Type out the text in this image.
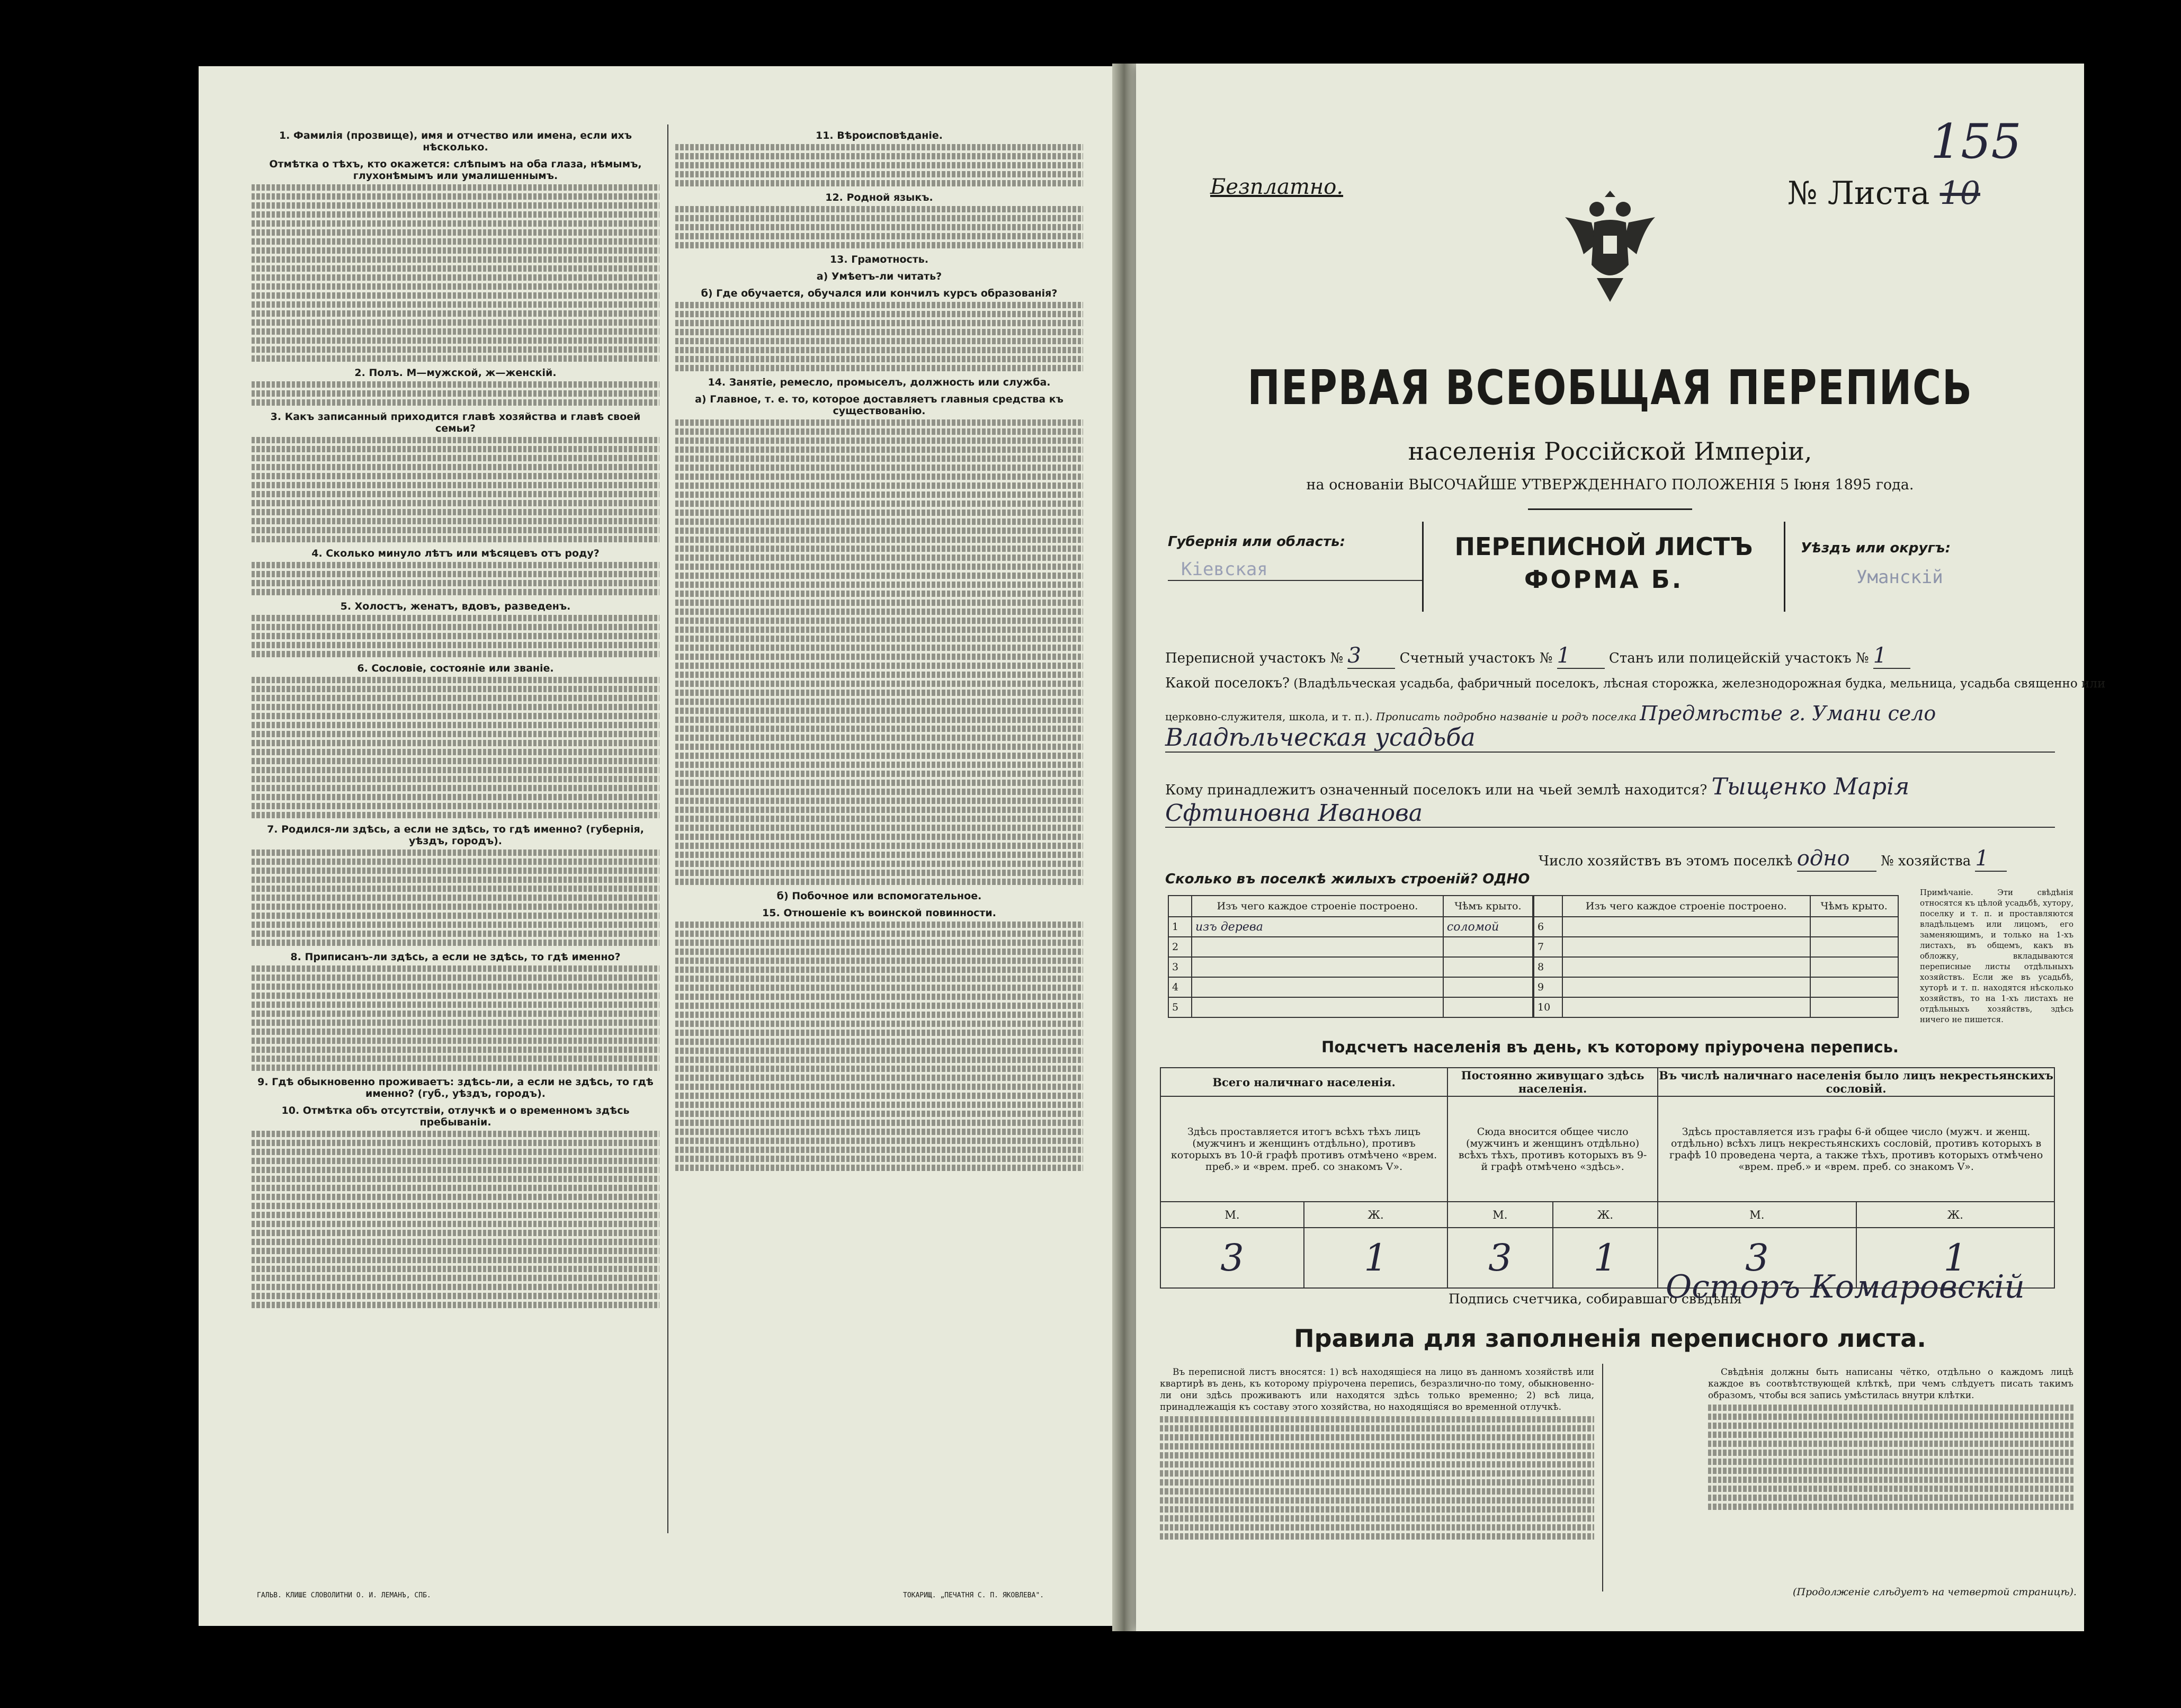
1. Фамилія (прозвище), имя и отчество или имена, если ихъ нѣсколько.
Отмѣтка о тѣхъ, кто окажется: слѣпымъ на оба глаза, нѣмымъ, глухонѣмымъ или умалишеннымъ.
2. Полъ. М—мужской, ж—женскій.
3. Какъ записанный приходится главѣ хозяйства и главѣ своей семьи?
4. Сколько минуло лѣтъ или мѣсяцевъ отъ роду?
5. Холостъ, женатъ, вдовъ, разведенъ.
6. Сословіе, состояніе или званіе.
7. Родился-ли здѣсь, а если не здѣсь, то гдѣ именно? (губернія, уѣздъ, городъ).
8. Приписанъ-ли здѣсь, а если не здѣсь, то гдѣ именно?
9. Гдѣ обыкновенно проживаетъ: здѣсь-ли, а если не здѣсь, то гдѣ именно? (губ., уѣздъ, городъ).
10. Отмѣтка объ отсутствіи, отлучкѣ и о временномъ здѣсь пребываніи.
11. Вѣроисповѣданіе.
12. Родной языкъ.
13. Грамотность.
а) Умѣетъ-ли читать?
б) Где обучается, обучался или кончилъ курсъ образованія?
14. Занятіе, ремесло, промыселъ, должность или служба.
а) Главное, т. е. то, которое доставляетъ главныя средства къ существованію.
б) Побочное или вспомогательное.
15. Отношеніе къ воинской повинности.
ГАЛЬВ. КЛИШЕ СЛОВОЛИТНИ О. И. ЛЕМАНЪ, СПБ.	ТОКАРИЩ. „ПЕЧАТНЯ С. П. ЯКОВЛЕВА".
155
Безплатно.	№ Листа 10
ПЕРВАЯ ВСЕОБЩАЯ ПЕРЕПИСЬ
населенія Россійской Имперіи,
на основаніи ВЫСОЧАЙШЕ УТВЕРЖДЕННАГО ПОЛОЖЕНІЯ 5 Іюня 1895 года.
Губернія или область:
Кіевская
ПЕРЕПИСНОЙ ЛИСТЪ
ФОРМА Б.
Уѣздъ или округъ:
Уманскій
Переписной участокъ № 3	Счетный участокъ № 1	Станъ или полицейскій участокъ № 1
Какой поселокъ? (Владѣльческая усадьба, фабричный поселокъ, лѣсная сторожка, железнодорожная будка, мельница, усадьба священно или
церковно-служителя, школа, и т. п.). Прописать подробно названіе и родъ поселка Предмѣстье г. Умани село
Владѣльческая усадьба
Кому принадлежитъ означенный поселокъ или на чьей землѣ находится? Тыщенко Марія
Сфтиновна Иванова
Число хозяйствъ въ этомъ поселкѣ одно № хозяйства 1
Сколько въ поселкѣ жилыхъ строеній? ОДНО
	Изъ чего каждое строеніе построено.	Чѣмъ крыто.
1	изъ дерева	соломой
2		
3		
4		
5		
	Изъ чего каждое строеніе построено.	Чѣмъ крыто.
6		
7		
8		
9		
10		
Примѣчаніе. Эти свѣдѣнія относятся къ цѣлой усадьбѣ, хутору, поселку и т. п. и проставляются владѣльцемъ или лицомъ, его заменяющимъ, и только на 1-хъ листахъ, въ общемъ, какъ въ обложку, вкладываются переписные листы отдѣльныхъ хозяйствъ. Если же въ усадьбѣ, хуторѣ и т. п. находятся нѣсколько хозяйствъ, то на 1-хъ листахъ не отдѣльныхъ хозяйствъ, здѣсь ничего не пишется.
Подсчетъ населенія въ день, къ которому пріурочена перепись.
Всего наличнаго населенія.		Постоянно живущаго здѣсь населенія.		Въ числѣ наличнаго населенія было лицъ некрестьянскихъ сословій.	
Здѣсь проставляется итогъ всѣхъ тѣхъ лицъ (мужчинъ и женщинъ отдѣльно), противъ которыхъ въ 10-й графѣ противъ отмѣчено «врем. преб.» и «врем. преб. со знакомъ V».		Сюда вносится общее число (мужчинъ и женщинъ отдѣльно) всѣхъ тѣхъ, противъ которыхъ въ 9-й графѣ отмѣчено «здѣсь».		Здѣсь проставляется изъ графы 6-й общее число (мужч. и женщ. отдѣльно) всѣхъ лицъ некрестьянскихъ сословій, противъ которыхъ в графѣ 10 проведена черта, а также тѣхъ, противъ которыхъ отмѣчено «врем. преб.» и «врем. преб. со знакомъ V».	
М.	Ж.	М.	Ж.	М.	Ж.
3	1	3	1	3	1
Подпись счетчика, собиравшаго свѣдѣнія
Осторъ Комаровскій
Правила для заполненія переписного листа.

Въ переписной листъ вносятся: 1) всѣ находящіеся на лицо въ данномъ хозяйствѣ или квартирѣ въ день, къ которому пріурочена перепись, безразлично-по тому, обыкновенно-ли они здѣсь проживаютъ или находятся здѣсь только временно; 2) всѣ лица, принадлежащія къ составу этого хозяйства, но находящіяся во временной отлучкѣ.

Свѣдѣнія должны быть написаны чётко, отдѣльно о каждомъ лицѣ каждое въ соотвѣтствующей клѣткѣ, при чемъ слѣдуетъ писать такимъ образомъ, чтобы вся запись умѣстилась внутри клѣтки.

(Продолженіе слѣдуетъ на четвертой страницѣ).
